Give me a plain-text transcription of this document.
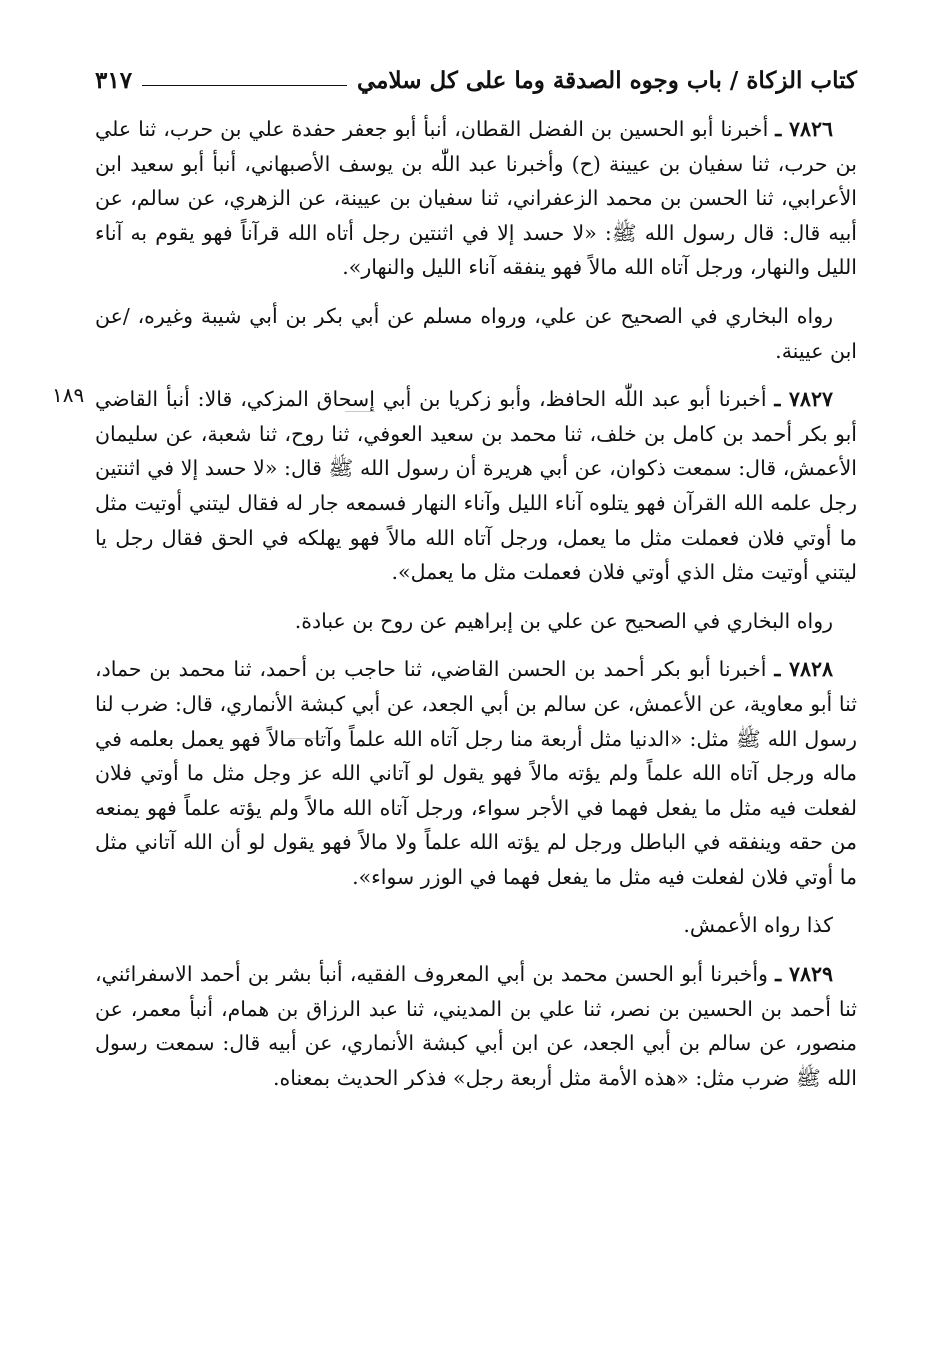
كتاب الزكاة / باب وجوه الصدقة وما على كل سلامي
٣١٧
١٨٩

٧٨٢٦ ـ أخبرنا أبو الحسين بن الفضل القطان، أنبأ أبو جعفر حفدة علي بن حرب، ثنا علي بن حرب، ثنا سفيان بن عيينة (ح) وأخبرنا عبد اللّٰه بن يوسف الأصبهاني، أنبأ أبو سعيد ابن الأعرابي، ثنا الحسن بن محمد الزعفراني، ثنا سفيان بن عيينة، عن الزهري، عن سالم، عن أبيه قال: قال رسول الله ﷺ: «لا حسد إلا في اثنتين رجل أتاه الله قرآناً فهو يقوم به آناء الليل والنهار، ورجل آتاه الله مالاً فهو ينفقه آناء الليل والنهار».

رواه البخاري في الصحيح عن علي، ورواه مسلم عن أبي بكر بن أبي شيبة وغيره، /عن ابن عيينة.

٧٨٢٧ ـ أخبرنا أبو عبد اللّٰه الحافظ، وأبو زكريا بن أبي إسحاق المزكي، قالا: أنبأ القاضي أبو بكر أحمد بن كامل بن خلف، ثنا محمد بن سعيد العوفي، ثنا روح، ثنا شعبة، عن سليمان الأعمش، قال: سمعت ذكوان، عن أبي هريرة أن رسول الله ﷺ قال: «لا حسد إلا في اثنتين رجل علمه الله القرآن فهو يتلوه آناء الليل وآناء النهار فسمعه جار له فقال ليتني أوتيت مثل ما أوتي فلان فعملت مثل ما يعمل، ورجل آتاه الله مالاً فهو يهلكه في الحق فقال رجل يا ليتني أوتيت مثل الذي أوتي فلان فعملت مثل ما يعمل».

رواه البخاري في الصحيح عن علي بن إبراهيم عن روح بن عبادة.

٧٨٢٨ ـ أخبرنا أبو بكر أحمد بن الحسن القاضي، ثنا حاجب بن أحمد، ثنا محمد بن حماد، ثنا أبو معاوية، عن الأعمش، عن سالم بن أبي الجعد، عن أبي كبشة الأنماري، قال: ضرب لنا رسول الله ﷺ مثل: «الدنيا مثل أربعة منا رجل آتاه الله علماً وآتاه مالاً فهو يعمل بعلمه في ماله ورجل آتاه الله علماً ولم يؤته مالاً فهو يقول لو آتاني الله عز وجل مثل ما أوتي فلان لفعلت فيه مثل ما يفعل فهما في الأجر سواء، ورجل آتاه الله مالاً ولم يؤته علماً فهو يمنعه من حقه وينفقه في الباطل ورجل لم يؤته الله علماً ولا مالاً فهو يقول لو أن الله آتاني مثل ما أوتي فلان لفعلت فيه مثل ما يفعل فهما في الوزر سواء».

كذا رواه الأعمش.

٧٨٢٩ ـ وأخبرنا أبو الحسن محمد بن أبي المعروف الفقيه، أنبأ بشر بن أحمد الاسفرائني، ثنا أحمد بن الحسين بن نصر، ثنا علي بن المديني، ثنا عبد الرزاق بن همام، أنبأ معمر، عن منصور، عن سالم بن أبي الجعد، عن ابن أبي كبشة الأنماري، عن أبيه قال: سمعت رسول الله ﷺ ضرب مثل: «هذه الأمة مثل أربعة رجل» فذكر الحديث بمعناه.
